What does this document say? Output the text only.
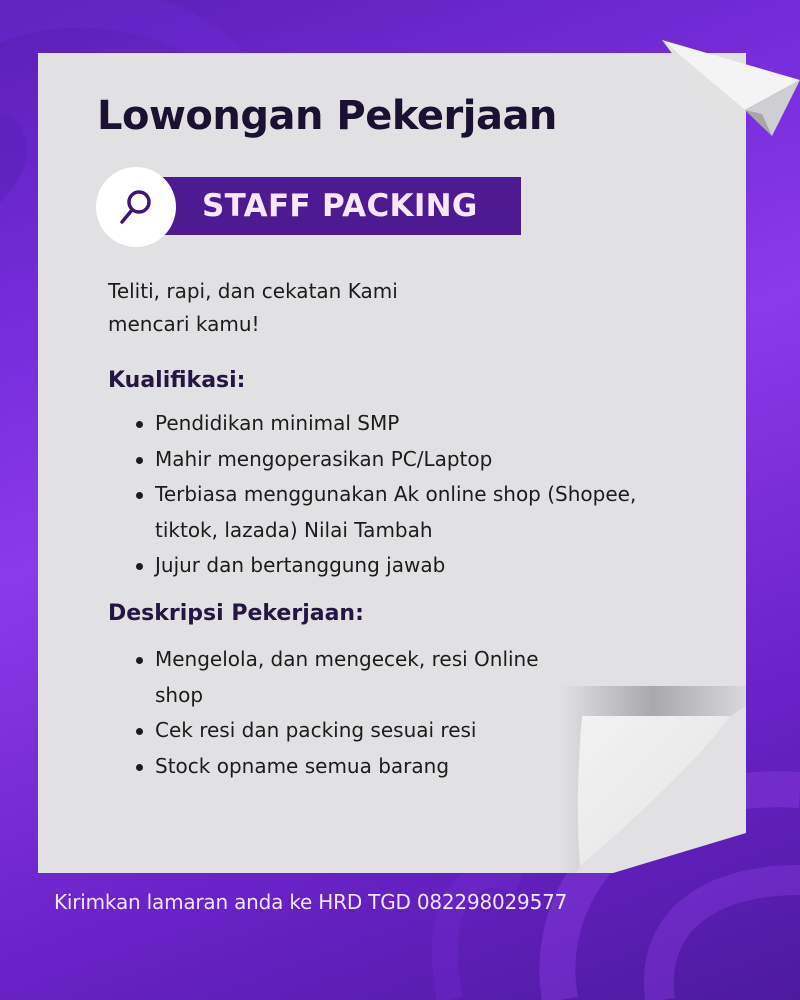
Lowongan Pekerjaan
STAFF PACKING
Teliti, rapi, dan cekatan Kami
mencari kamu!
Kualifikasi:
Pendidikan minimal SMP
Mahir mengoperasikan PC/Laptop
Terbiasa menggunakan Ak online shop (Shopee, tiktok, lazada) Nilai Tambah
Jujur dan bertanggung jawab
Deskripsi Pekerjaan:
Mengelola, dan mengecek, resi Online shop
Cek resi dan packing sesuai resi
Stock opname semua barang
Kirimkan lamaran anda ke HRD TGD 082298029577
